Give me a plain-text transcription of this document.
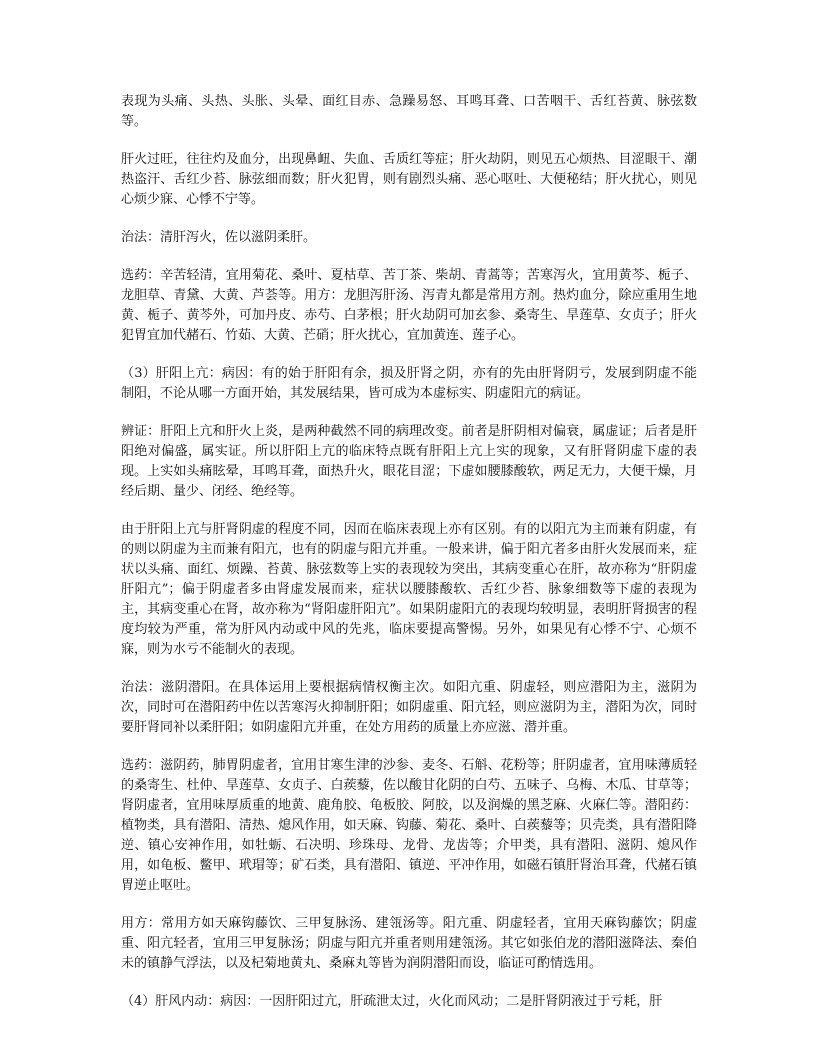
表现为头痛、头热、头胀、头晕、面红目赤、急躁易怒、耳鸣耳聋、口苦咽干、舌红苔黄、脉弦数等。

肝火过旺，往往灼及血分，出现鼻衄、失血、舌质红等症；肝火劫阴，则见五心烦热、目涩眼干、潮热盗汗、舌红少苔、脉弦细而数；肝火犯胃，则有剧烈头痛、恶心呕吐、大便秘结；肝火扰心，则见心烦少寐、心悸不宁等。

治法：清肝泻火，佐以滋阴柔肝。

选药：辛苦轻清，宜用菊花、桑叶、夏枯草、苦丁茶、柴胡、青蒿等；苦寒泻火，宜用黄芩、栀子、龙胆草、青黛、大黄、芦荟等。用方：龙胆泻肝汤、泻青丸都是常用方剂。热灼血分，除应重用生地黄、栀子、黄芩外，可加丹皮、赤芍、白茅根；肝火劫阴可加玄参、桑寄生、旱莲草、女贞子；肝火犯胃宜加代赭石、竹茹、大黄、芒硝；肝火扰心，宜加黄连、莲子心。

（3）肝阳上亢：病因：有的始于肝阳有余，损及肝肾之阴，亦有的先由肝肾阴亏，发展到阴虚不能制阳，不论从哪一方面开始，其发展结果，皆可成为本虚标实、阴虚阳亢的病证。

辨证：肝阳上亢和肝火上炎，是两种截然不同的病理改变。前者是肝阴相对偏衰，属虚证；后者是肝阳绝对偏盛，属实证。所以肝阳上亢的临床特点既有肝阳上亢上实的现象，又有肝肾阴虚下虚的表现。上实如头痛眩晕，耳鸣耳聋，面热升火，眼花目涩；下虚如腰膝酸软，两足无力，大便干燥，月经后期、量少、闭经、绝经等。

由于肝阳上亢与肝肾阴虚的程度不同，因而在临床表现上亦有区别。有的以阳亢为主而兼有阴虚，有的则以阴虚为主而兼有阳亢，也有的阴虚与阳亢并重。一般来讲，偏于阳亢者多由肝火发展而来，症状以头痛、面红、烦躁、苔黄、脉弦数等上实的表现较为突出，其病变重心在肝，故亦称为“肝阴虚肝阳亢”；偏于阴虚者多由肾虚发展而来，症状以腰膝酸软、舌红少苔、脉象细数等下虚的表现为主，其病变重心在肾，故亦称为“肾阳虚肝阳亢”。如果阴虚阳亢的表现均较明显，表明肝肾损害的程度均较为严重，常为肝风内动或中风的先兆，临床要提高警惕。另外，如果见有心悸不宁、心烦不寐，则为水亏不能制火的表现。

治法：滋阴潜阳。在具体运用上要根据病情权衡主次。如阳亢重、阴虚轻，则应潜阳为主，滋阴为次，同时可在潜阳药中佐以苦寒泻火抑制肝阳；如阴虚重、阳亢轻，则应滋阴为主，潜阳为次，同时要肝肾同补以柔肝阳；如阴虚阳亢并重，在处方用药的质量上亦应滋、潜并重。

选药：滋阴药，肺胃阴虚者，宜用甘寒生津的沙参、麦冬、石斛、花粉等；肝阴虚者，宜用味薄质轻的桑寄生、杜仲、旱莲草、女贞子、白蒺藜，佐以酸甘化阴的白芍、五味子、乌梅、木瓜、甘草等；肾阴虚者，宜用味厚质重的地黄、鹿角胶、龟板胶、阿胶，以及润燥的黑芝麻、火麻仁等。潜阳药：植物类，具有潜阳、清热、熄风作用，如天麻、钩藤、菊花、桑叶、白蒺藜等；贝壳类，具有潜阳降逆、镇心安神作用，如牡蛎、石决明、珍珠母、龙骨、龙齿等；介甲类，具有潜阳、滋阴、熄风作用，如龟板、鳖甲、玳瑁等；矿石类，具有潜阳、镇逆、平冲作用，如磁石镇肝肾治耳聋，代赭石镇胃逆止呕吐。

用方：常用方如天麻钩藤饮、三甲复脉汤、建瓴汤等。阳亢重、阴虚轻者，宜用天麻钩藤饮；阴虚重、阳亢轻者，宜用三甲复脉汤；阴虚与阳亢并重者则用建瓴汤。其它如张伯龙的潜阳滋降法、秦伯未的镇静气浮法，以及杞菊地黄丸、桑麻丸等皆为润阴潜阳而设，临证可酌情选用。

（4）肝风内动：病因：一因肝阳过亢，肝疏泄太过，火化而风动；二是肝肾阴液过于亏耗，肝
